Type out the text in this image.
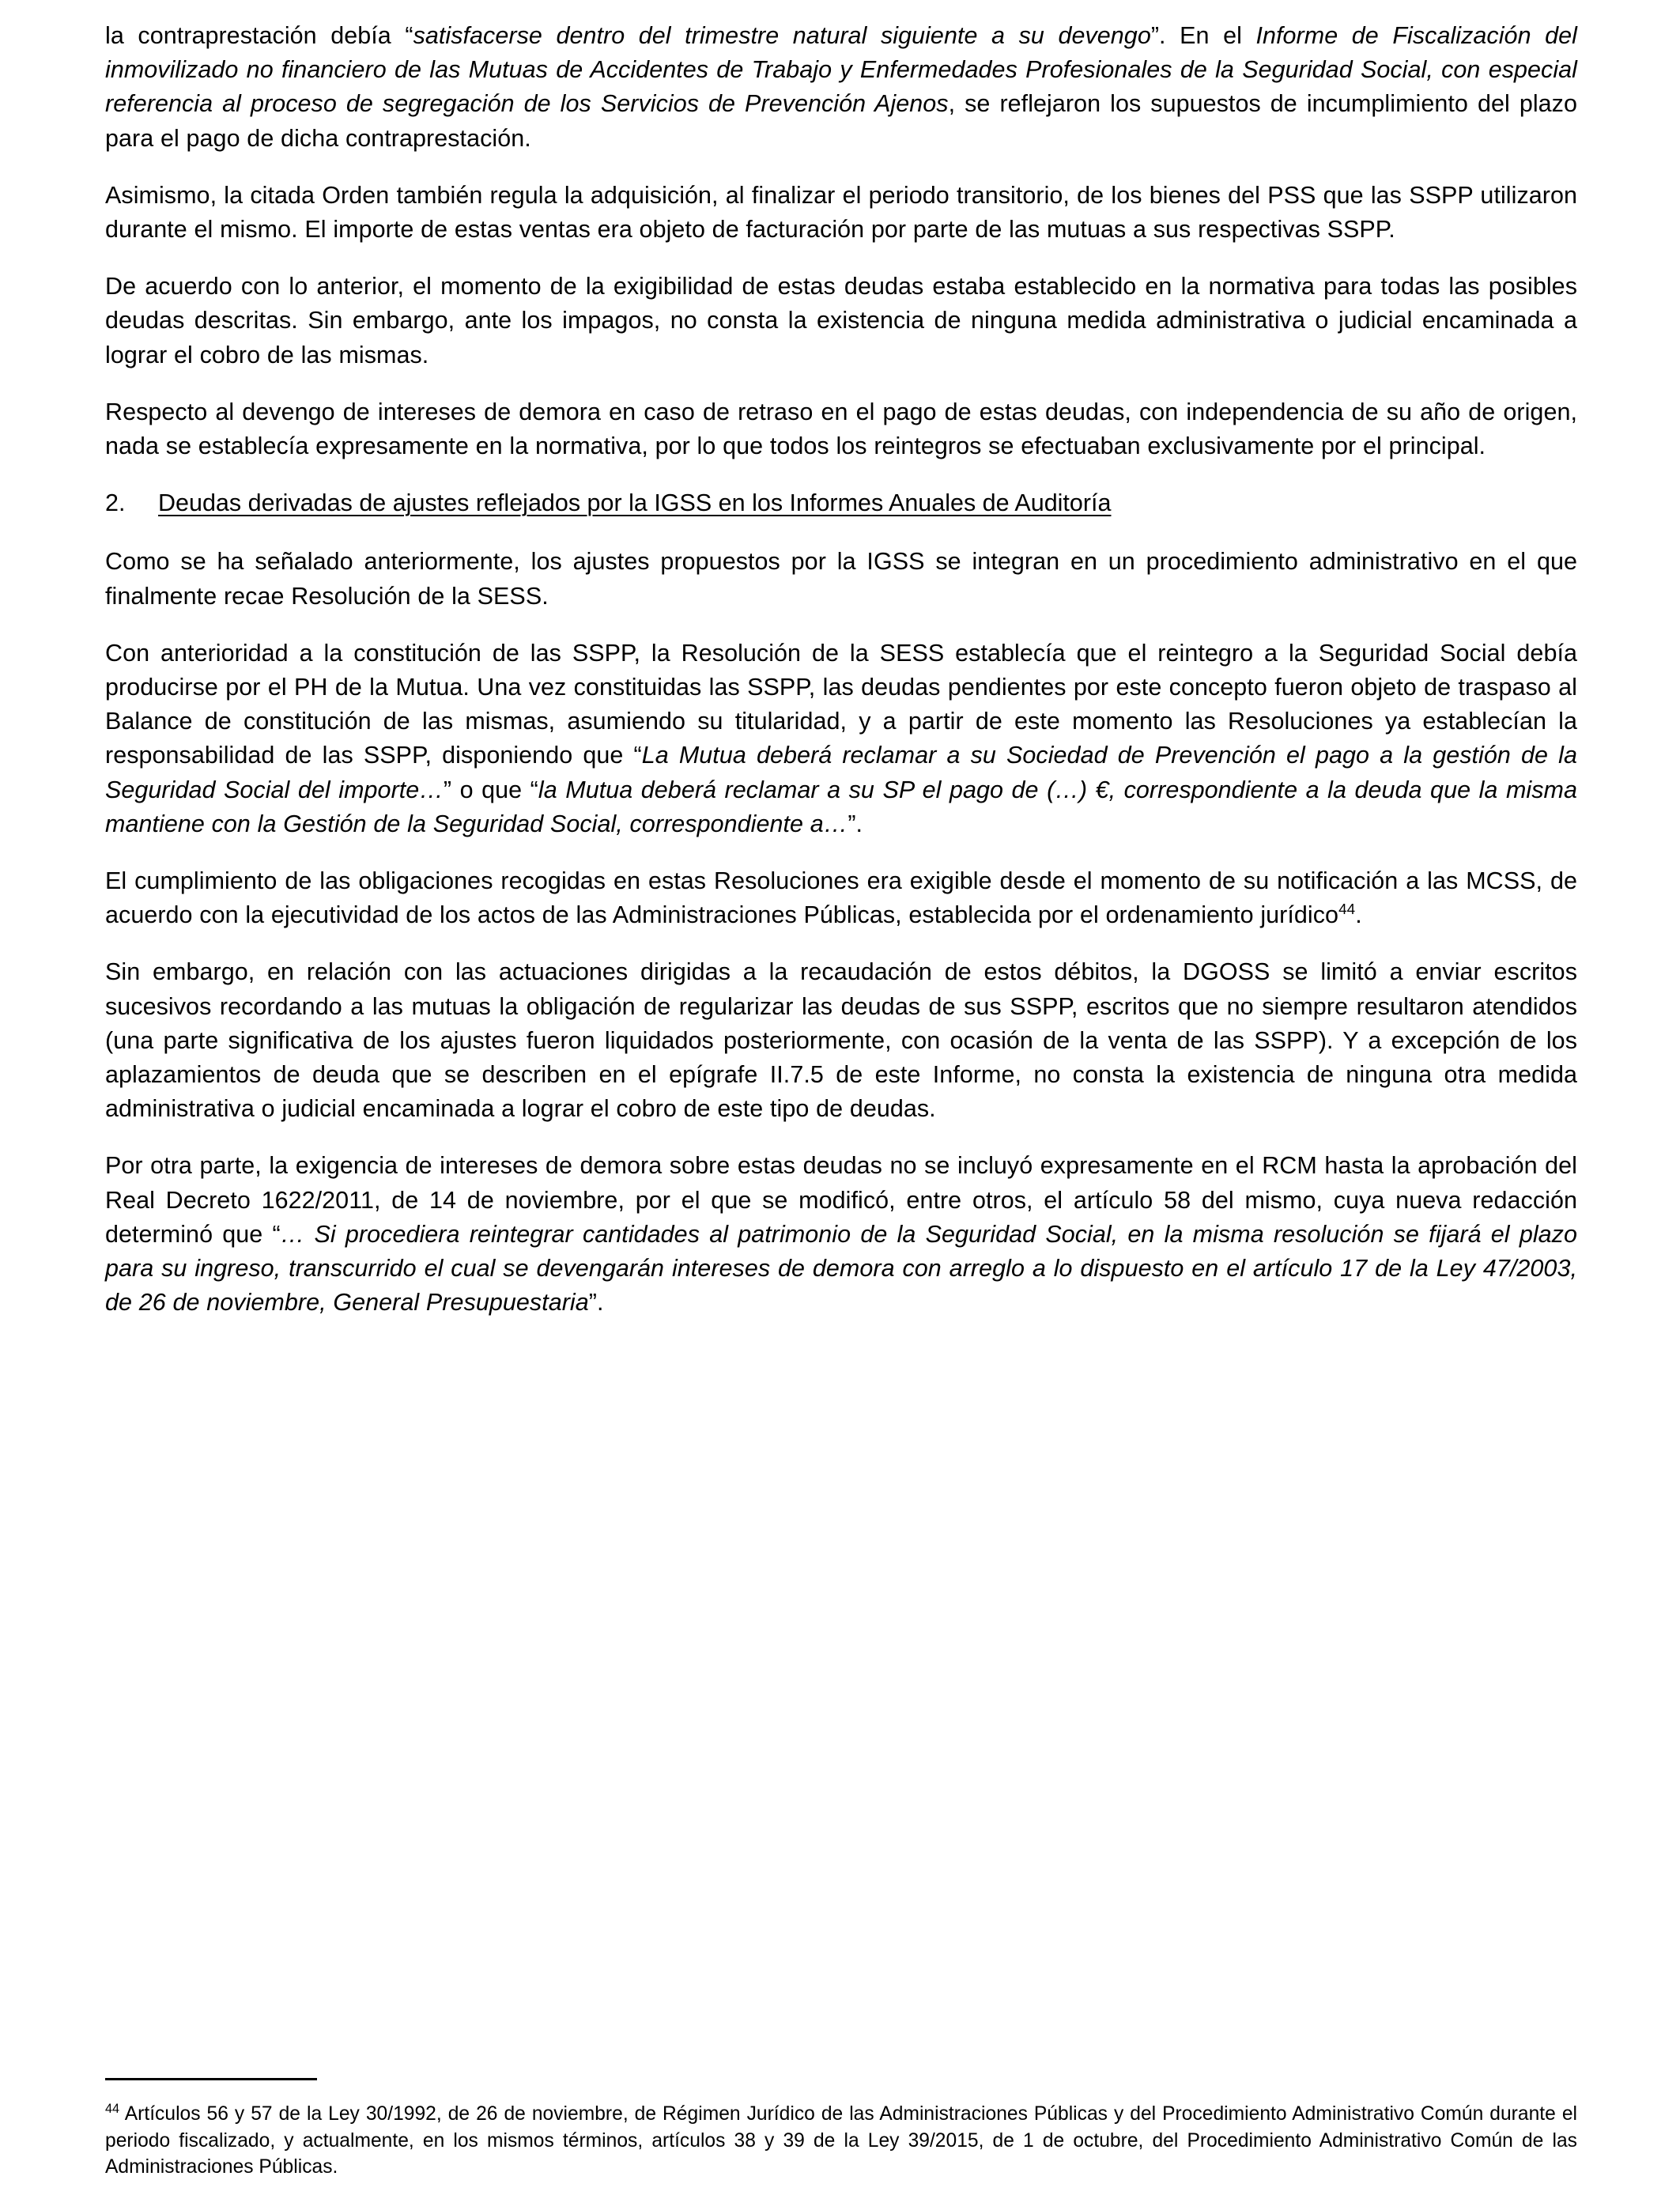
la contraprestación debía “satisfacerse dentro del trimestre natural siguiente a su devengo”. En el Informe de Fiscalización del inmovilizado no financiero de las Mutuas de Accidentes de Trabajo y Enfermedades Profesionales de la Seguridad Social, con especial referencia al proceso de segregación de los Servicios de Prevención Ajenos, se reflejaron los supuestos de incumplimiento del plazo para el pago de dicha contraprestación.

Asimismo, la citada Orden también regula la adquisición, al finalizar el periodo transitorio, de los bienes del PSS que las SSPP utilizaron durante el mismo. El importe de estas ventas era objeto de facturación por parte de las mutuas a sus respectivas SSPP.

De acuerdo con lo anterior, el momento de la exigibilidad de estas deudas estaba establecido en la normativa para todas las posibles deudas descritas. Sin embargo, ante los impagos, no consta la existencia de ninguna medida administrativa o judicial encaminada a lograr el cobro de las mismas.

Respecto al devengo de intereses de demora en caso de retraso en el pago de estas deudas, con independencia de su año de origen, nada se establecía expresamente en la normativa, por lo que todos los reintegros se efectuaban exclusivamente por el principal.

2.	Deudas derivadas de ajustes reflejados por la IGSS en los Informes Anuales de Auditoría

Como se ha señalado anteriormente, los ajustes propuestos por la IGSS se integran en un procedimiento administrativo en el que finalmente recae Resolución de la SESS.

Con anterioridad a la constitución de las SSPP, la Resolución de la SESS establecía que el reintegro a la Seguridad Social debía producirse por el PH de la Mutua. Una vez constituidas las SSPP, las deudas pendientes por este concepto fueron objeto de traspaso al Balance de constitución de las mismas, asumiendo su titularidad, y a partir de este momento las Resoluciones ya establecían la responsabilidad de las SSPP, disponiendo que “La Mutua deberá reclamar a su Sociedad de Prevención el pago a la gestión de la Seguridad Social del importe…” o que “la Mutua deberá reclamar a su SP el pago de (…) €, correspondiente a la deuda que la misma mantiene con la Gestión de la Seguridad Social, correspondiente a…”.

El cumplimiento de las obligaciones recogidas en estas Resoluciones era exigible desde el momento de su notificación a las MCSS, de acuerdo con la ejecutividad de los actos de las Administraciones Públicas, establecida por el ordenamiento jurídico$^{44}$.

Sin embargo, en relación con las actuaciones dirigidas a la recaudación de estos débitos, la DGOSS se limitó a enviar escritos sucesivos recordando a las mutuas la obligación de regularizar las deudas de sus SSPP, escritos que no siempre resultaron atendidos (una parte significativa de los ajustes fueron liquidados posteriormente, con ocasión de la venta de las SSPP). Y a excepción de los aplazamientos de deuda que se describen en el epígrafe II.7.5 de este Informe, no consta la existencia de ninguna otra medida administrativa o judicial encaminada a lograr el cobro de este tipo de deudas.

Por otra parte, la exigencia de intereses de demora sobre estas deudas no se incluyó expresamente en el RCM hasta la aprobación del Real Decreto 1622/2011, de 14 de noviembre, por el que se modificó, entre otros, el artículo 58 del mismo, cuya nueva redacción determinó que “… Si procediera reintegrar cantidades al patrimonio de la Seguridad Social, en la misma resolución se fijará el plazo para su ingreso, transcurrido el cual se devengarán intereses de demora con arreglo a lo dispuesto en el artículo 17 de la Ley 47/2003, de 26 de noviembre, General Presupuestaria”.

$^{44}$ Artículos 56 y 57 de la Ley 30/1992, de 26 de noviembre, de Régimen Jurídico de las Administraciones Públicas y del Procedimiento Administrativo Común durante el periodo fiscalizado, y actualmente, en los mismos términos, artículos 38 y 39 de la Ley 39/2015, de 1 de octubre, del Procedimiento Administrativo Común de las Administraciones Públicas.
